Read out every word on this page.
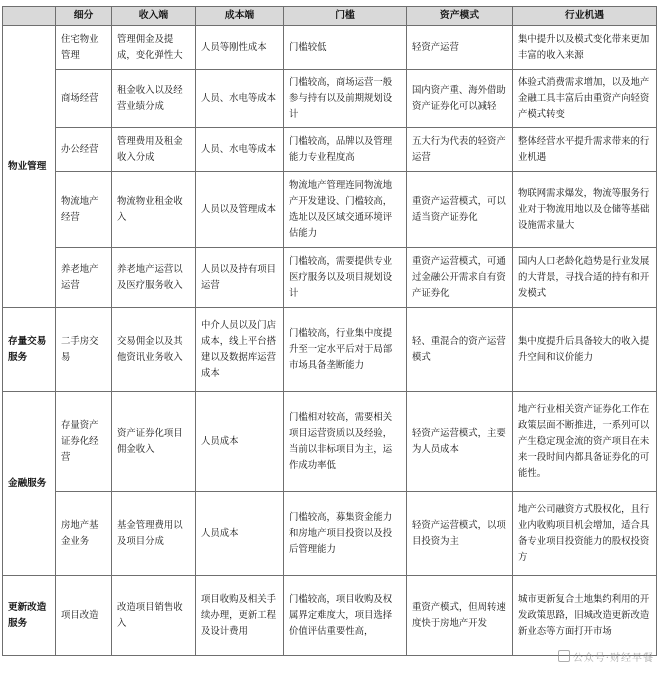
	细分	收入端	成本端	门槛	资产模式	行业机遇
物业管理	住宅物业管理	管理佣金及提成，变化弹性大	人员等刚性成本	门槛较低	轻资产运营	集中提升以及模式变化带来更加丰富的收入来源
	商场经营	租金收入以及经营业绩分成	人员、水电等成本	门槛较高，商场运营一般参与持有以及前期规划设计	国内资产重、海外借助资产证券化可以减轻	体验式消费需求增加，以及地产金融工具丰富后由重资产向轻资产模式转变
	办公经营	管理费用及租金收入分成	人员、水电等成本	门槛较高，品牌以及管理能力专业程度高	五大行为代表的轻资产运营	整体经营水平提升需求带来的行业机遇
	物流地产经营	物流物业租金收入	人员以及管理成本	物流地产管理连同物流地产开发建设、门槛较高，选址以及区域交通环境评估能力	重资产运营模式，可以适当资产证券化	物联网需求爆发，物流等服务行业对于物流用地以及仓储等基础设施需求量大
	养老地产运营	养老地产运营以及医疗服务收入	人员以及持有项目运营	门槛较高，需要提供专业医疗服务以及项目规划设计	重资产运营模式，可通过金融公开需求自有资产证券化	国内人口老龄化趋势是行业发展的大背景，寻找合适的持有和开发模式
存量交易服务	二手房交易	交易佣金以及其他资讯业务收入	中介人员以及门店成本，线上平台搭建以及数据库运营成本	门槛较高，行业集中度提升至一定水平后对于局部市场具备垄断能力	轻、重混合的资产运营模式	集中度提升后具备较大的收入提升空间和议价能力
金融服务	存量资产证券化经营	资产证券化项目佣金收入	人员成本	门槛相对较高，需要相关项目运营资质以及经验，当前以非标项目为主，运作成功率低	轻资产运营模式，主要为人员成本	地产行业相关资产证券化工作在政策层面不断推进，一系列可以产生稳定现金流的资产项目在未来一段时间内都具备证券化的可能性。
	房地产基金业务	基金管理费用以及项目分成	人员成本	门槛较高，募集资金能力和房地产项目投资以及投后管理能力	轻资产运营模式，以项目投资为主	地产公司融资方式股权化，且行业内收购项目机会增加，适合具备专业项目投资能力的股权投资方
更新改造服务	项目改造	改造项目销售收入	项目收购及相关手续办理，更新工程及设计费用	门槛较高，项目收购及权属界定难度大，项目选择价值评估重要性高，	重资产模式，但周转速度快于房地产开发	城市更新复合土地集约利用的开发政策思路，旧城改造更新改造新业态等方面打开市场
公众号·财经早餐
